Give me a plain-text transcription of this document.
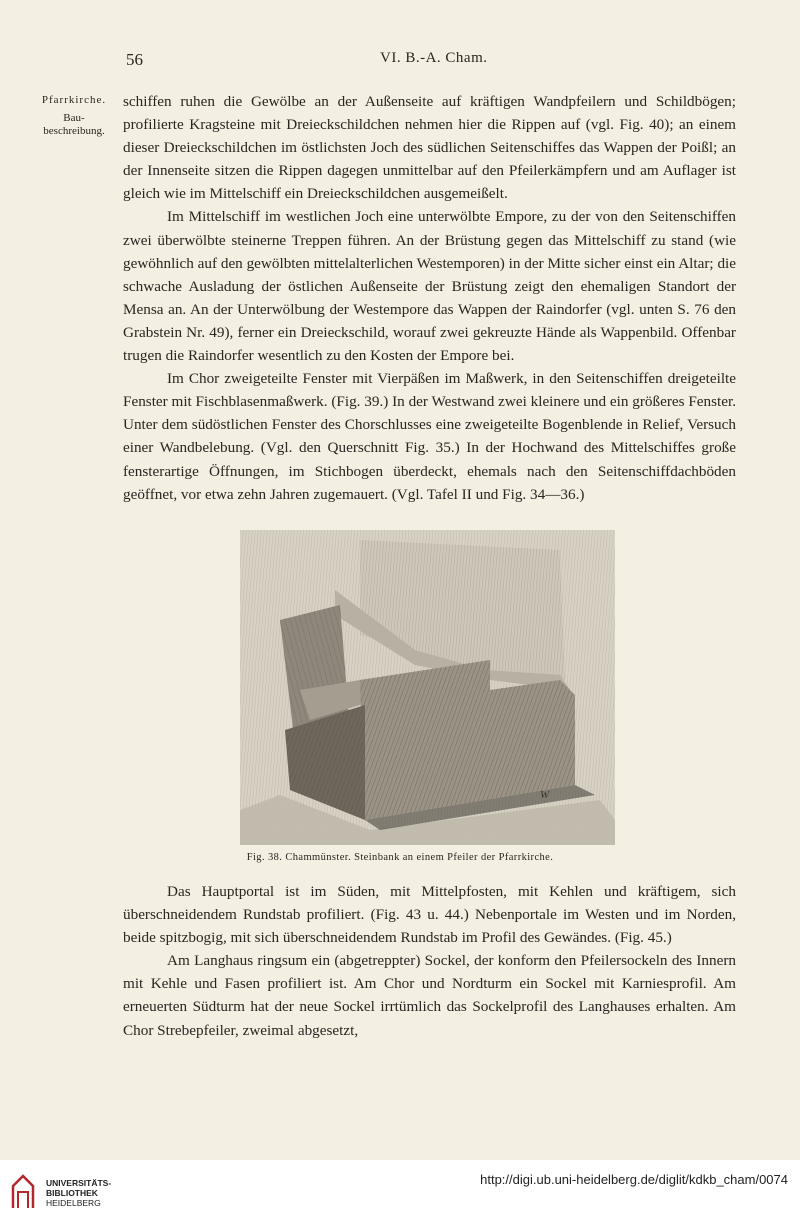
56	VI. B.-A. Cham.
Pfarrkirche.
Bau-
beschreibung.

schiffen ruhen die Gewölbe an der Außenseite auf kräftigen Wandpfeilern und Schildbögen; profilierte Kragsteine mit Dreieckschildchen nehmen hier die Rippen auf (vgl. Fig. 40); an einem dieser Dreieckschildchen im östlichsten Joch des südlichen Seitenschiffes das Wappen der Poißl; an der Innenseite sitzen die Rippen dagegen unmittelbar auf den Pfeilerkämpfern und am Auflager ist gleich wie im Mittelschiff ein Dreieckschildchen ausgemeißelt.

Im Mittelschiff im westlichen Joch eine unterwölbte Empore, zu der von den Seitenschiffen zwei überwölbte steinerne Treppen führen. An der Brüstung gegen das Mittelschiff zu stand (wie gewöhnlich auf den gewölbten mittelalterlichen Westemporen) in der Mitte sicher einst ein Altar; die schwache Ausladung der östlichen Außenseite der Brüstung zeigt den ehemaligen Standort der Mensa an. An der Unterwölbung der Westempore das Wappen der Raindorfer (vgl. unten S. 76 den Grabstein Nr. 49), ferner ein Dreieckschild, worauf zwei gekreuzte Hände als Wappenbild. Offenbar trugen die Raindorfer wesentlich zu den Kosten der Empore bei.

Im Chor zweigeteilte Fenster mit Vierpäßen im Maßwerk, in den Seitenschiffen dreigeteilte Fenster mit Fischblasenmaßwerk. (Fig. 39.) In der Westwand zwei kleinere und ein größeres Fenster. Unter dem südöstlichen Fenster des Chorschlusses eine zweigeteilte Bogenblende in Relief, Versuch einer Wandbelebung. (Vgl. den Querschnitt Fig. 35.) In der Hochwand des Mittelschiffes große fensterartige Öffnungen, im Stichbogen überdeckt, ehemals nach den Seitenschiffdachböden geöffnet, vor etwa zehn Jahren zugemauert. (Vgl. Tafel II und Fig. 34—36.)

W
Fig. 38. Chammünster. Steinbank an einem Pfeiler der Pfarrkirche.

Das Hauptportal ist im Süden, mit Mittelpfosten, mit Kehlen und kräftigem, sich überschneidendem Rundstab profiliert. (Fig. 43 u. 44.) Nebenportale im Westen und im Norden, beide spitzbogig, mit sich überschneidendem Rundstab im Profil des Gewändes. (Fig. 45.)

Am Langhaus ringsum ein (abgetreppter) Sockel, der konform den Pfeilersockeln des Innern mit Kehle und Fasen profiliert ist. Am Chor und Nordturm ein Sockel mit Karniesprofil. Am erneuerten Südturm hat der neue Sockel irrtümlich das Sockelprofil des Langhauses erhalten. Am Chor Strebepfeiler, zweimal abgesetzt,

UNIVERSITÄTS-
BIBLIOTHEK
HEIDELBERG
http://digi.ub.uni-heidelberg.de/diglit/kdkb_cham/0074
